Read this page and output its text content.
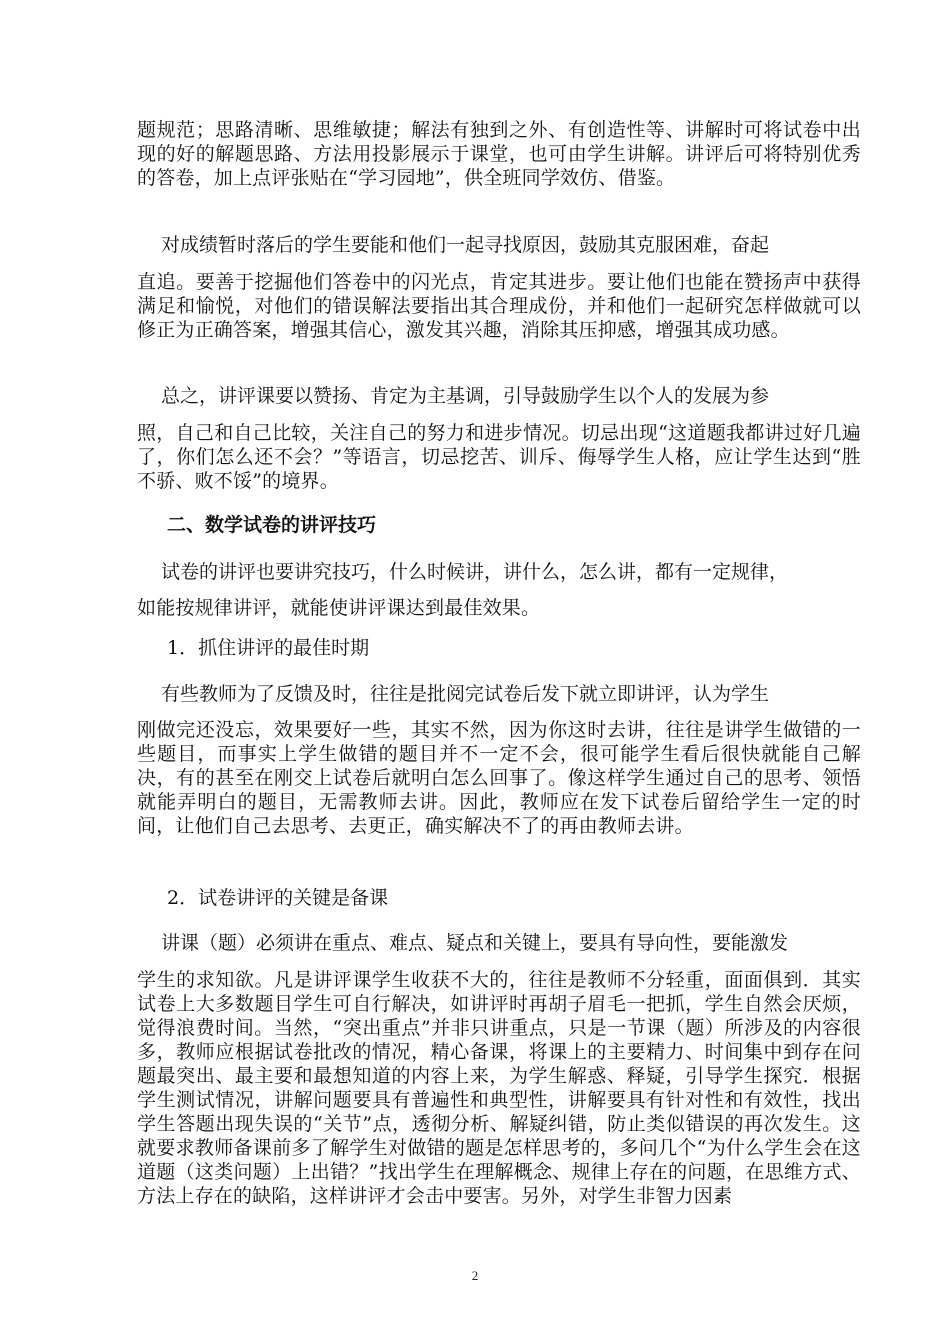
题规范；思路清晰、思维敏捷；解法有独到之外、有创造性等、讲解时可将试卷中出现的好的解题思路、方法用投影展示于课堂，也可由学生讲解。讲评后可将特别优秀的答卷，加上点评张贴在“学习园地”，供全班同学效仿、借鉴。

对成绩暂时落后的学生要能和他们一起寻找原因，鼓励其克服困难，奋起

直追。要善于挖掘他们答卷中的闪光点，肯定其进步。要让他们也能在赞扬声中获得满足和愉悦，对他们的错误解法要指出其合理成份，并和他们一起研究怎样做就可以修正为正确答案，增强其信心，激发其兴趣，消除其压抑感，增强其成功感。

总之，讲评课要以赞扬、肯定为主基调，引导鼓励学生以个人的发展为参

照，自己和自己比较，关注自己的努力和进步情况。切忌出现“这道题我都讲过好几遍了，你们怎么还不会？”等语言，切忌挖苦、训斥、侮辱学生人格，应让学生达到“胜不骄、败不馁”的境界。

二、数学试卷的讲评技巧

试卷的讲评也要讲究技巧，什么时候讲，讲什么，怎么讲，都有一定规律，

如能按规律讲评，就能使讲评课达到最佳效果。

1．抓住讲评的最佳时期

有些教师为了反馈及时，往往是批阅完试卷后发下就立即讲评，认为学生

刚做完还没忘，效果要好一些，其实不然，因为你这时去讲，往往是讲学生做错的一些题目，而事实上学生做错的题目并不一定不会，很可能学生看后很快就能自己解决，有的甚至在刚交上试卷后就明白怎么回事了。像这样学生通过自己的思考、领悟就能弄明白的题目，无需教师去讲。因此，教师应在发下试卷后留给学生一定的时间，让他们自己去思考、去更正，确实解决不了的再由教师去讲。

2．试卷讲评的关键是备课

讲课（题）必须讲在重点、难点、疑点和关键上，要具有导向性，要能激发

学生的求知欲。凡是讲评课学生收获不大的，往往是教师不分轻重，面面俱到．其实试卷上大多数题目学生可自行解决，如讲评时再胡子眉毛一把抓，学生自然会厌烦，觉得浪费时间。当然，“突出重点”并非只讲重点，只是一节课（题）所涉及的内容很多，教师应根据试卷批改的情况，精心备课，将课上的主要精力、时间集中到存在问题最突出、最主要和最想知道的内容上来，为学生解惑、释疑，引导学生探究．根据学生测试情况，讲解问题要具有普遍性和典型性，讲解要具有针对性和有效性，找出学生答题出现失误的“关节”点，透彻分析、解疑纠错，防止类似错误的再次发生。这就要求教师备课前多了解学生对做错的题是怎样思考的，多问几个“为什么学生会在这道题（这类问题）上出错？”找出学生在理解概念、规律上存在的问题，在思维方式、方法上存在的缺陷，这样讲评才会击中要害。另外，对学生非智力因素

2
